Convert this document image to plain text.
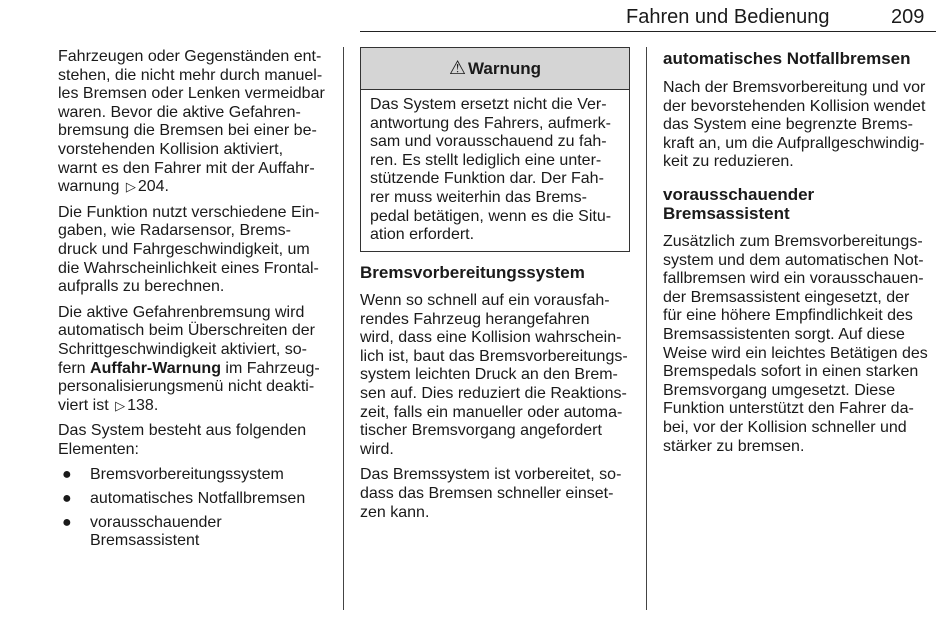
Fahren und Bedienung	209

Fahrzeugen oder Gegenständen ent-
stehen, die nicht mehr durch manuel-
les Bremsen oder Lenken vermeidbar
waren. Bevor die aktive Gefahren-
bremsung die Bremsen bei einer be-
vorstehenden Kollision aktiviert,
warnt es den Fahrer mit der Auffahr-
warnung ▷ 204.

Die Funktion nutzt verschiedene Ein-
gaben, wie Radarsensor, Brems-
druck und Fahrgeschwindigkeit, um
die Wahrscheinlichkeit eines Frontal-
aufpralls zu berechnen.

Die aktive Gefahrenbremsung wird
automatisch beim Überschreiten der
Schrittgeschwindigkeit aktiviert, so-
fern Auffahr-Warnung im Fahrzeug-
personalisierungsmenü nicht deakti-
viert ist ▷ 138.

Das System besteht aus folgenden
Elementen:

● Bremsvorbereitungssystem
● automatisches Notfallbremsen
● vorausschauender
Bremsassistent
⚠ Warnung
Das System ersetzt nicht die Ver-
antwortung des Fahrers, aufmerk-
sam und vorausschauend zu fah-
ren. Es stellt lediglich eine unter-
stützende Funktion dar. Der Fah-
rer muss weiterhin das Brems-
pedal betätigen, wenn es die Situ-
ation erfordert.

Bremsvorbereitungssystem

Wenn so schnell auf ein vorausfah-
rendes Fahrzeug herangefahren
wird, dass eine Kollision wahrschein-
lich ist, baut das Bremsvorbereitungs-
system leichten Druck an den Brem-
sen auf. Dies reduziert die Reaktions-
zeit, falls ein manueller oder automa-
tischer Bremsvorgang angefordert
wird.

Das Bremssystem ist vorbereitet, so-
dass das Bremsen schneller einset-
zen kann.

automatisches Notfallbremsen

Nach der Bremsvorbereitung und vor
der bevorstehenden Kollision wendet
das System eine begrenzte Brems-
kraft an, um die Aufprallgeschwindig-
keit zu reduzieren.

vorausschauender
Bremsassistent

Zusätzlich zum Bremsvorbereitungs-
system und dem automatischen Not-
fallbremsen wird ein vorausschauen-
der Bremsassistent eingesetzt, der
für eine höhere Empfindlichkeit des
Bremsassistenten sorgt. Auf diese
Weise wird ein leichtes Betätigen des
Bremspedals sofort in einen starken
Bremsvorgang umgesetzt. Diese
Funktion unterstützt den Fahrer da-
bei, vor der Kollision schneller und
stärker zu bremsen.
